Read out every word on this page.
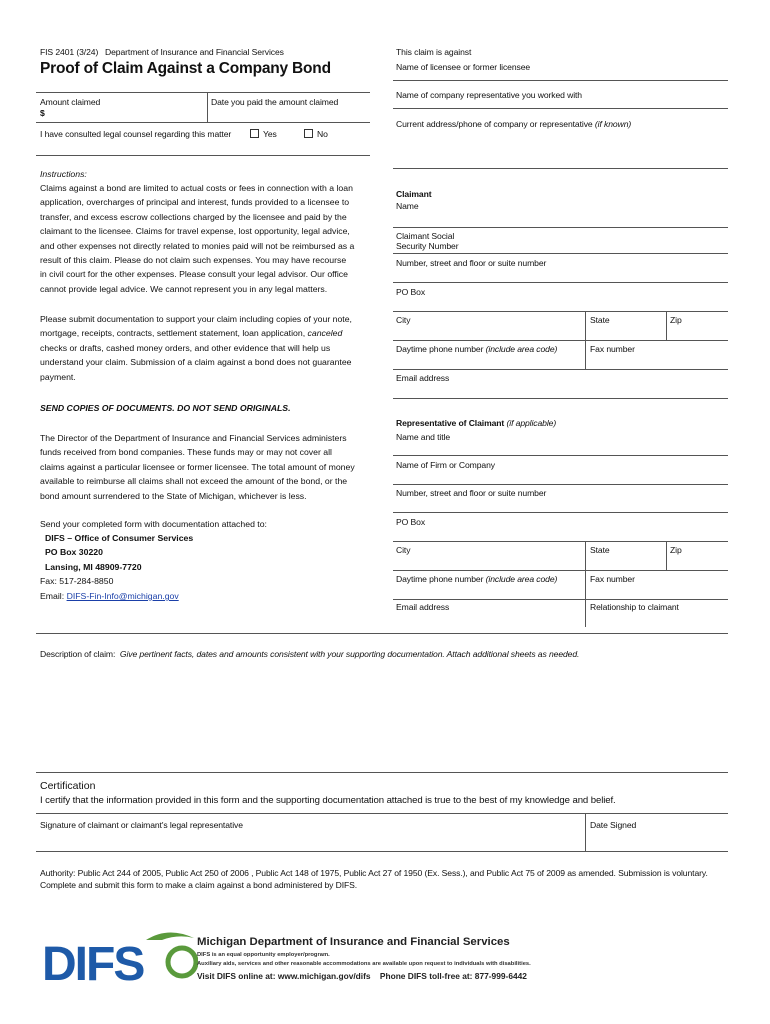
FIS 2401 (3/24) Department of Insurance and Financial Services
Proof of Claim Against a Company Bond
This claim is against
Name of licensee or former licensee
Name of company representative you worked with
Current address/phone of company or representative (if known)
Amount claimed
$
Date you paid the amount claimed
I have consulted legal counsel regarding this matter	Yes	No
Instructions:
Claims against a bond are limited to actual costs or fees in connection with a loan
application, overcharges of principal and interest, funds provided to a licensee to
transfer, and excess escrow collections charged by the licensee and paid by the
claimant to the licensee. Claims for travel expense, lost opportunity, legal advice,
and other expenses not directly related to monies paid will not be reimbursed as a
result of this claim. Please do not claim such expenses. You may have recourse
in civil court for the other expenses. Please consult your legal advisor. Our office
cannot provide legal advice. We cannot represent you in any legal matters.
Please submit documentation to support your claim including copies of your note,
mortgage, receipts, contracts, settlement statement, loan application, canceled
checks or drafts, cashed money orders, and other evidence that will help us
understand your claim. Submission of a claim against a bond does not guarantee
payment.
SEND COPIES OF DOCUMENTS. DO NOT SEND ORIGINALS.
The Director of the Department of Insurance and Financial Services administers
funds received from bond companies. These funds may or may not cover all
claims against a particular licensee or former licensee. The total amount of money
available to reimburse all claims shall not exceed the amount of the bond, or the
bond amount surrendered to the State of Michigan, whichever is less.
Send your completed form with documentation attached to:
DIFS – Office of Consumer Services
PO Box 30220
Lansing, MI 48909-7720
Fax: 517-284-8850
Email: DIFS-Fin-Info@michigan.gov
Claimant
Name
Claimant Social
Security Number
Number, street and floor or suite number
PO Box
City	State	Zip
Daytime phone number (include area code)	Fax number
Email address
Representative of Claimant (if applicable)
Name and title
Name of Firm or Company
Number, street and floor or suite number
PO Box
City	State	Zip
Daytime phone number (include area code)	Fax number
Email address	Relationship to claimant
Description of claim: Give pertinent facts, dates and amounts consistent with your supporting documentation. Attach additional sheets as needed.
Certification
I certify that the information provided in this form and the supporting documentation attached is true to the best of my knowledge and belief.
Signature of claimant or claimant's legal representative	Date Signed
Authority: Public Act 244 of 2005, Public Act 250 of 2006 , Public Act 148 of 1975, Public Act 27 of 1950 (Ex. Sess.), and Public Act 75 of 2009 as amended. Submission is voluntary.
Complete and submit this form to make a claim against a bond administered by DIFS.
DIFS	Michigan Department of Insurance and Financial Services
DIFS is an equal opportunity employer/program.
Auxiliary aids, services and other reasonable accommodations are available upon request to individuals with disabilities.
Visit DIFS online at: www.michigan.gov/difs    Phone DIFS toll-free at: 877-999-6442
